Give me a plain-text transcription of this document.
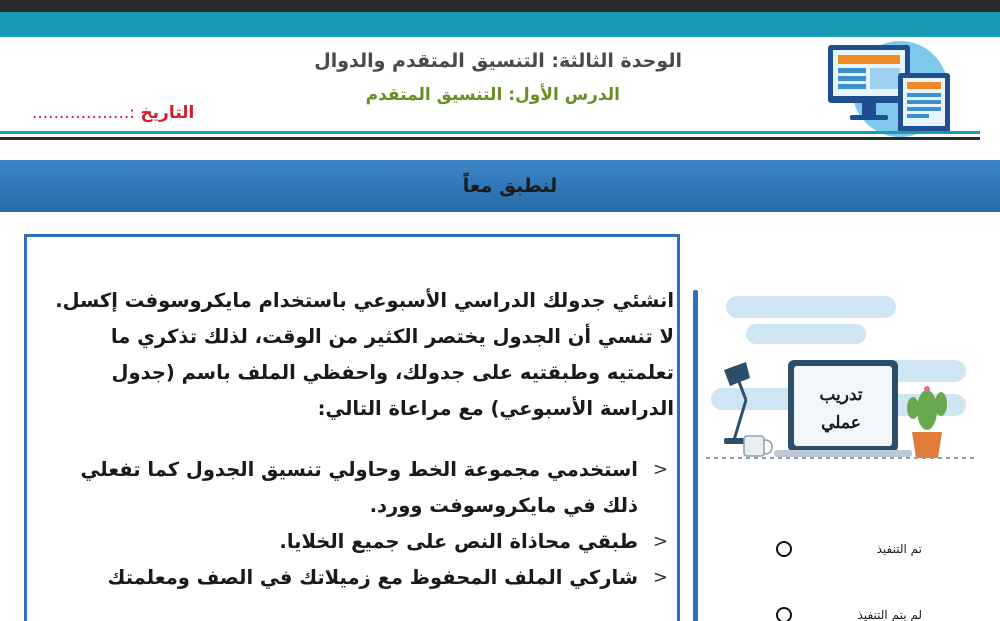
الوحدة الثالثة: التنسيق المتقدم والدوال
الدرس الأول: التنسيق المتقدم
التاريخ :..................
لنطبق معاً

انشئي جدولك الدراسي الأسبوعي باستخدام مايكروسوفت إكسل. لا تنسي أن الجدول يختصر الكثير من الوقت، لذلك تذكري ما تعلمتيه وطبقتيه على جدولك، واحفظي الملف باسم (جدول الدراسة الأسبوعي) مع مراعاة التالي:

<
استخدمي مجموعة الخط وحاولي تنسيق الجدول كما تفعلي ذلك في مايكروسوفت وورد.
<
طبقي محاذاة النص على جميع الخلايا.
<
شاركي الملف المحفوظ مع زميلاتك في الصف ومعلمتك
تدريب
عملي
تم التنفيذ
لم يتم التنفيذ
